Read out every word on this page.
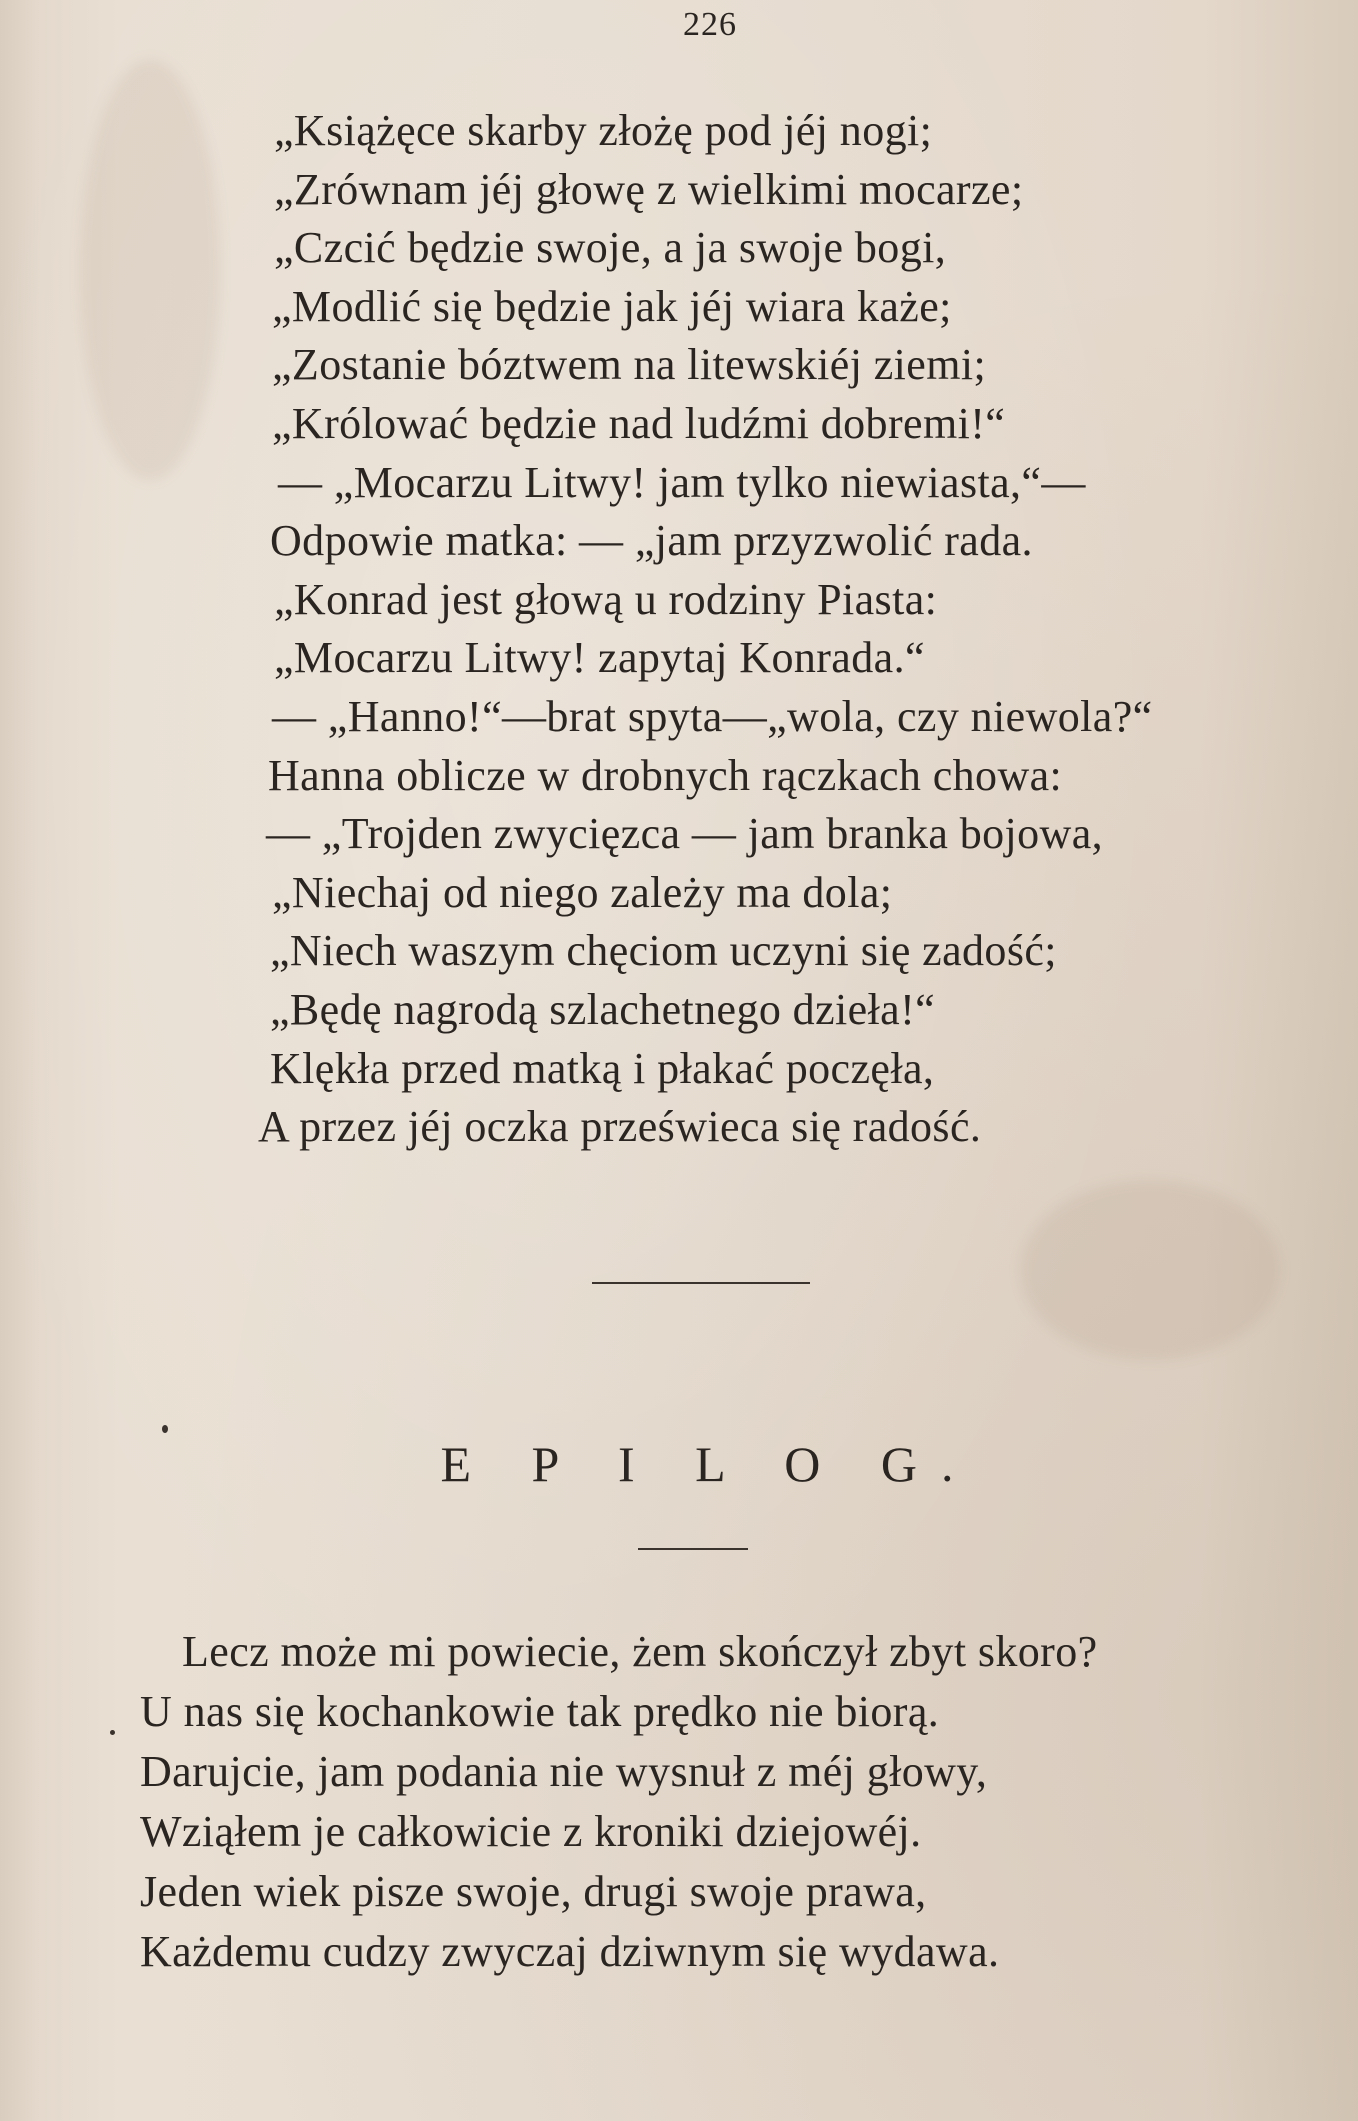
226
„Książęce skarby złożę pod jéj nogi;
„Zrównam jéj głowę z wielkimi mocarze;
„Czcić będzie swoje, a ja swoje bogi,
„Modlić się będzie jak jéj wiara każe;
„Zostanie bóztwem na litewskiéj ziemi;
„Królować będzie nad ludźmi dobremi!“
— „Mocarzu Litwy! jam tylko niewiasta,“—
Odpowie matka: — „jam przyzwolić rada.
„Konrad jest głową u rodziny Piasta:
„Mocarzu Litwy! zapytaj Konrada.“
— „Hanno!“—brat spyta—„wola, czy niewola?“
Hanna oblicze w drobnych rączkach chowa:
— „Trojden zwycięzca — jam branka bojowa,
„Niechaj od niego zależy ma dola;
„Niech waszym chęciom uczyni się zadość;
„Będę nagrodą szlachetnego dzieła!“
Klękła przed matką i płakać poczęła,
A przez jéj oczka prześwieca się radość.
E P I L O G.
Lecz może mi powiecie, żem skończył zbyt skoro?
U nas się kochankowie tak prędko nie biorą.
Darujcie, jam podania nie wysnuł z méj głowy,
Wziąłem je całkowicie z kroniki dziejowéj.
Jeden wiek pisze swoje, drugi swoje prawa,
Każdemu cudzy zwyczaj dziwnym się wydawa.
